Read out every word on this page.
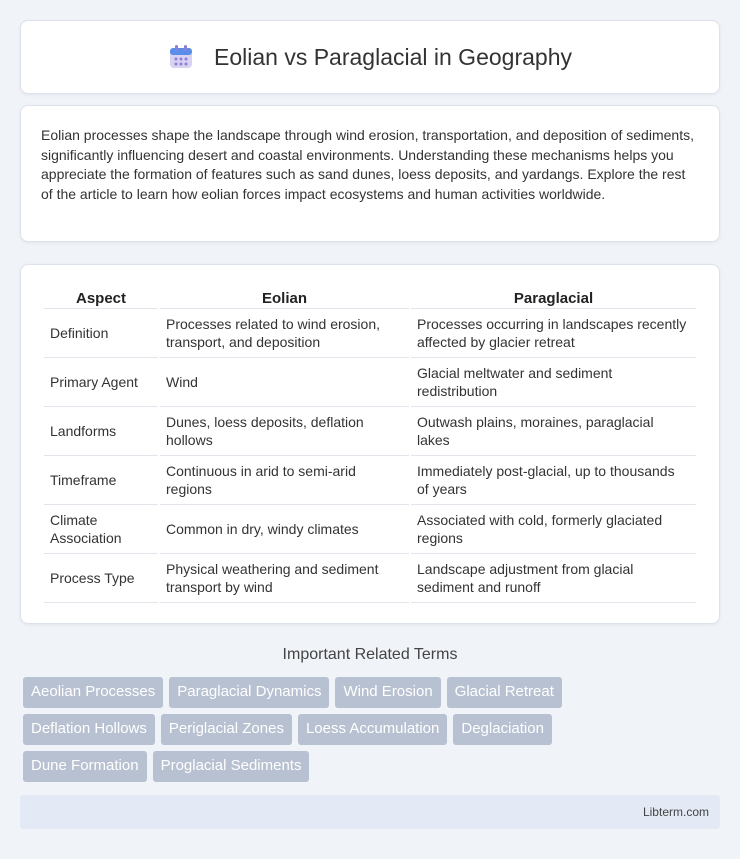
Eolian vs Paraglacial in Geography

Eolian processes shape the landscape through wind erosion, transportation, and deposition of sediments, significantly influencing desert and coastal environments. Understanding these mechanisms helps you appreciate the formation of features such as sand dunes, loess deposits, and yardangs. Explore the rest of the article to learn how eolian forces impact ecosystems and human activities worldwide.

Aspect	Eolian	Paraglacial
Definition	Processes related to wind erosion, transport, and deposition	Processes occurring in landscapes recently affected by glacier retreat
Primary Agent	Wind	Glacial meltwater and sediment redistribution
Landforms	Dunes, loess deposits, deflation hollows	Outwash plains, moraines, paraglacial lakes
Timeframe	Continuous in arid to semi-arid regions	Immediately post-glacial, up to thousands of years
Climate Association	Common in dry, windy climates	Associated with cold, formerly glaciated regions
Process Type	Physical weathering and sediment transport by wind	Landscape adjustment from glacial sediment and runoff
Important Related Terms
Aeolian Processes	Paraglacial Dynamics	Wind Erosion	Glacial Retreat
Deflation Hollows	Periglacial Zones	Loess Accumulation	Deglaciation
Dune Formation	Proglacial Sediments
Libterm.com
